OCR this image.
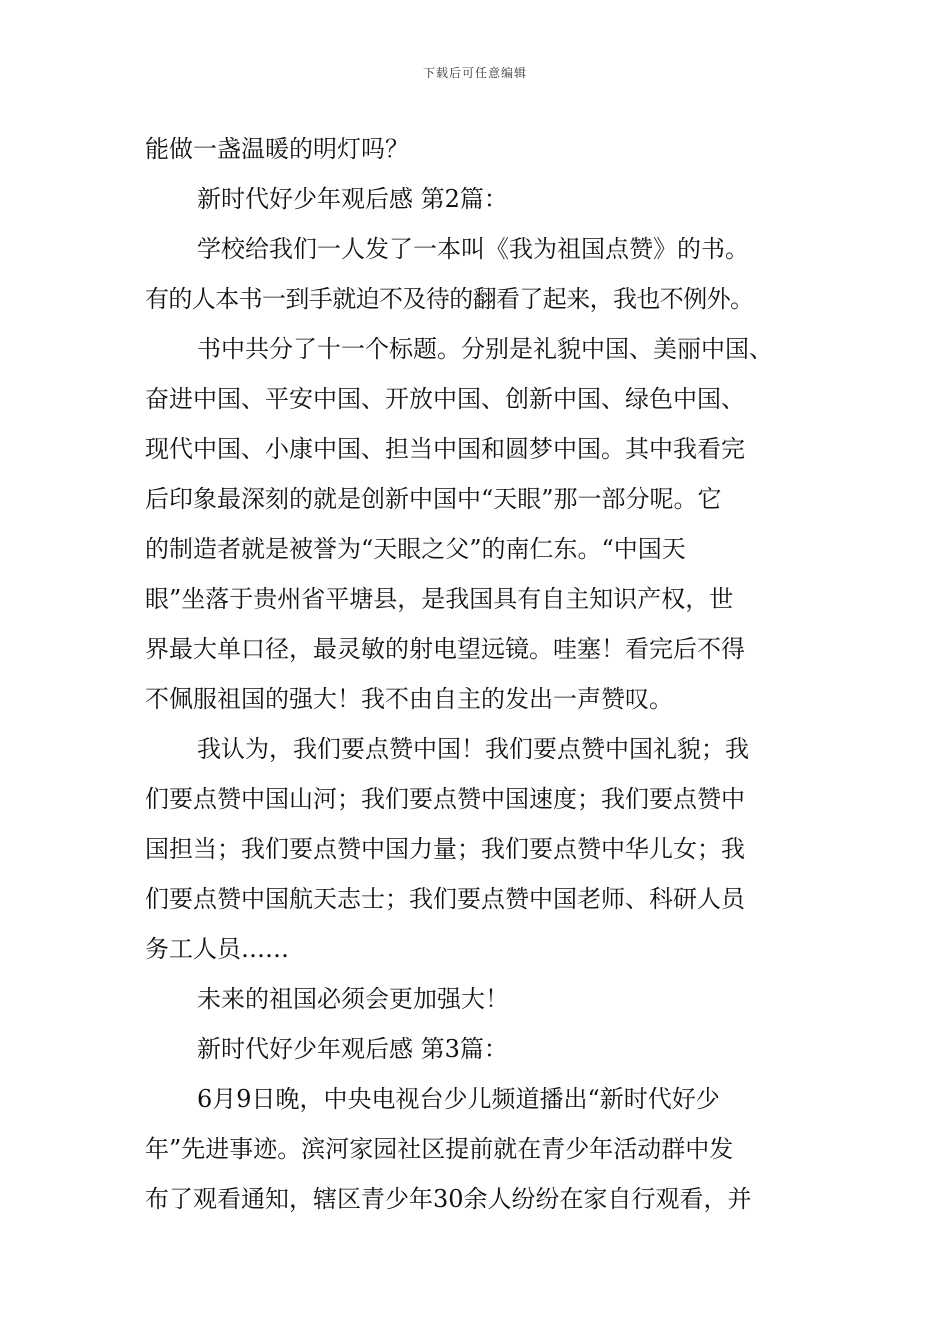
下载后可任意编辑
能做一盏温暖的明灯吗？
新时代好少年观后感 第2篇：
学校给我们一人发了一本叫《我为祖国点赞》的书。
有的人本书一到手就迫不及待的翻看了起来，我也不例外。
书中共分了十一个标题。分别是礼貌中国、美丽中国、
奋进中国、平安中国、开放中国、创新中国、绿色中国、
现代中国、小康中国、担当中国和圆梦中国。其中我看完
后印象最深刻的就是创新中国中“天眼”那一部分呢。它
的制造者就是被誉为“天眼之父”的南仁东。“中国天
眼”坐落于贵州省平塘县，是我国具有自主知识产权，世
界最大单口径，最灵敏的射电望远镜。哇塞！看完后不得
不佩服祖国的强大！我不由自主的发出一声赞叹。
我认为，我们要点赞中国！我们要点赞中国礼貌；我
们要点赞中国山河；我们要点赞中国速度；我们要点赞中
国担当；我们要点赞中国力量；我们要点赞中华儿女；我
们要点赞中国航天志士；我们要点赞中国老师、科研人员
务工人员……
未来的祖国必须会更加强大！
新时代好少年观后感 第3篇：
6月9日晚，中央电视台少儿频道播出“新时代好少
年”先进事迹。滨河家园社区提前就在青少年活动群中发
布了观看通知，辖区青少年30余人纷纷在家自行观看，并
